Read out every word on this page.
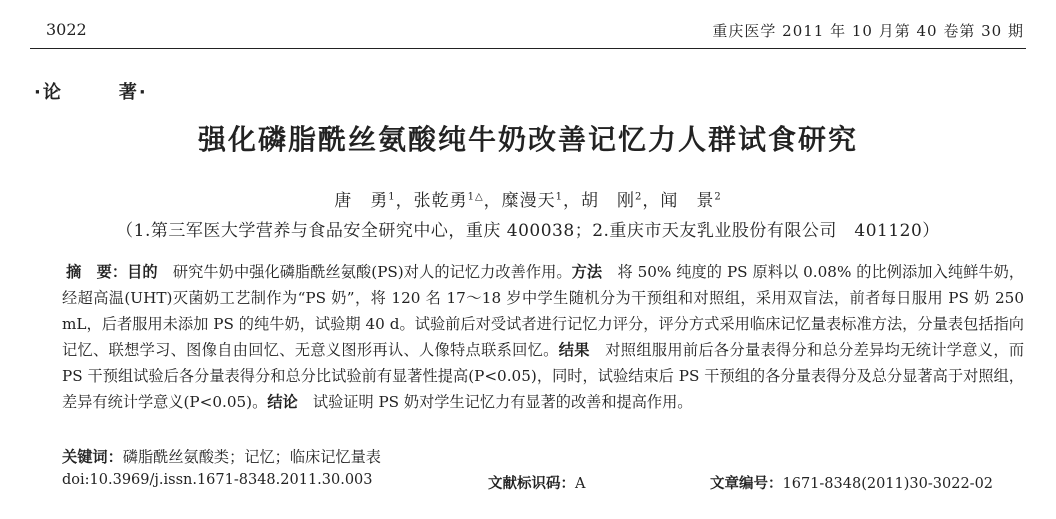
3022	重庆医学 2011 年 10 月第 40 卷第 30 期
·论	著·
强化磷脂酰丝氨酸纯牛奶改善记忆力人群试食研究
唐　勇$^1$，张乾勇$^{1\triangle}$，糜漫天$^1$，胡　刚$^2$，闻　景$^2$
（1.第三军医大学营养与食品安全研究中心，重庆 400038；2.重庆市天友乳业股份有限公司　401120）
摘　要：目的　 研究牛奶中强化磷脂酰丝氨酸(PS)对人的记忆力改善作用。方法　 将 50% 纯度的 PS 原料以 0.08% 的比例添加入纯鲜牛奶，经超高温(UHT)灭菌奶工艺制作为“PS 奶”，将 120 名 17～18 岁中学生随机分为干预组和对照组，采用双盲法，前者每日服用 PS 奶 250 mL，后者服用未添加 PS 的纯牛奶，试验期 40 d。试验前后对受试者进行记忆力评分，评分方式采用临床记忆量表标准方法，分量表包括指向记忆、联想学习、图像自由回忆、无意义图形再认、人像特点联系回忆。结果　 对照组服用前后各分量表得分和总分差异均无统计学意义，而 PS 干预组试验后各分量表得分和总分比试验前有显著性提高(P<0.05)，同时，试验结束后 PS 干预组的各分量表得分及总分显著高于对照组，差异有统计学意义(P<0.05)。结论　 试验证明 PS 奶对学生记忆力有显著的改善和提高作用。
关键词：磷脂酰丝氨酸类；记忆；临床记忆量表
doi:10.3969/j.issn.1671-8348.2011.30.003	文献标识码：A	文章编号：1671-8348(2011)30-3022-02
